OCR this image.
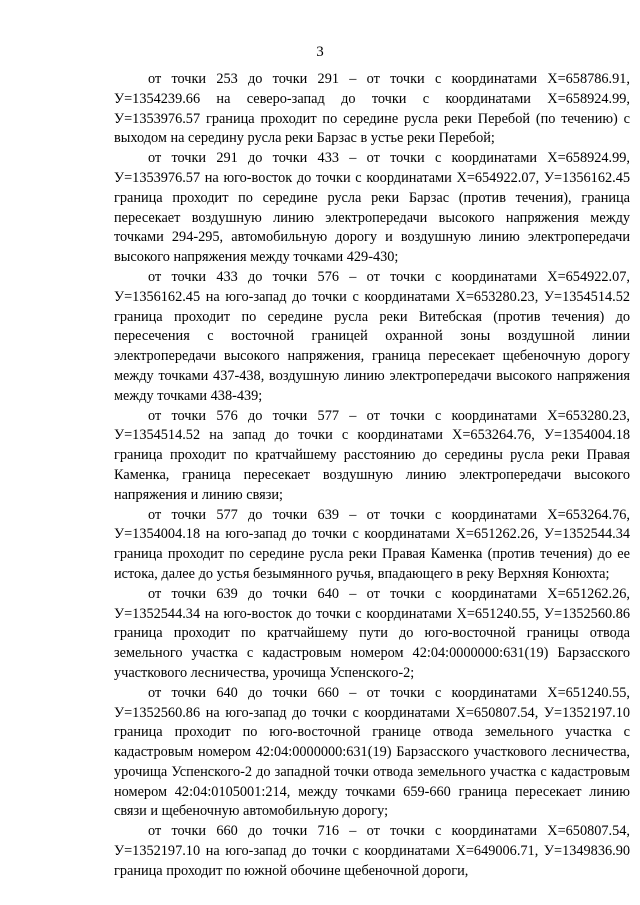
3

от точки 253 до точки 291 – от точки с координатами Х=658786.91, У=1354239.66 на северо-запад до точки с координатами Х=658924.99, У=1353976.57 граница проходит по середине русла реки Перебой (по течению) с выходом на середину русла реки Барзас в устье реки Перебой;

от точки 291 до точки 433 – от точки с координатами Х=658924.99, У=1353976.57 на юго-восток до точки с координатами Х=654922.07, У=1356162.45 граница проходит по середине русла реки Барзас (против течения), граница пересекает воздушную линию электропередачи высокого напряжения между точками 294-295, автомобильную дорогу и воздушную линию электропередачи высокого напряжения между точками 429-430;

от точки 433 до точки 576 – от точки с координатами Х=654922.07, У=1356162.45 на юго-запад до точки с координатами Х=653280.23, У=1354514.52 граница проходит по середине русла реки Витебская (против течения) до пересечения с восточной границей охранной зоны воздушной линии электропередачи высокого напряжения, граница пересекает щебеночную дорогу между точками 437-438, воздушную линию электропередачи высокого напряжения между точками 438-439;

от точки 576 до точки 577 – от точки с координатами Х=653280.23, У=1354514.52 на запад до точки с координатами Х=653264.76, У=1354004.18 граница проходит по кратчайшему расстоянию до середины русла реки Правая Каменка, граница пересекает воздушную линию электропередачи высокого напряжения и линию связи;

от точки 577 до точки 639 – от точки с координатами Х=653264.76, У=1354004.18 на юго-запад до точки с координатами Х=651262.26, У=1352544.34 граница проходит по середине русла реки Правая Каменка (против течения) до ее истока, далее до устья безымянного ручья, впадающего в реку Верхняя Конюхта;

от точки 639 до точки 640 – от точки с координатами Х=651262.26, У=1352544.34 на юго-восток до точки с координатами Х=651240.55, У=1352560.86 граница проходит по кратчайшему пути до юго-восточной границы отвода земельного участка с кадастровым номером 42:04:0000000:631(19) Барзасского участкового лесничества, урочища Успенского-2;

от точки 640 до точки 660 – от точки с координатами Х=651240.55, У=1352560.86 на юго-запад до точки с координатами Х=650807.54, У=1352197.10 граница проходит по юго-восточной границе отвода земельного участка с кадастровым номером 42:04:0000000:631(19) Барзасского участкового лесничества, урочища Успенского-2 до западной точки отвода земельного участка с кадастровым номером 42:04:0105001:214, между точками 659-660 граница пересекает линию связи и щебеночную автомобильную дорогу;

от точки 660 до точки 716 – от точки с координатами Х=650807.54, У=1352197.10 на юго-запад до точки с координатами Х=649006.71, У=1349836.90 граница проходит по южной обочине щебеночной дороги,
